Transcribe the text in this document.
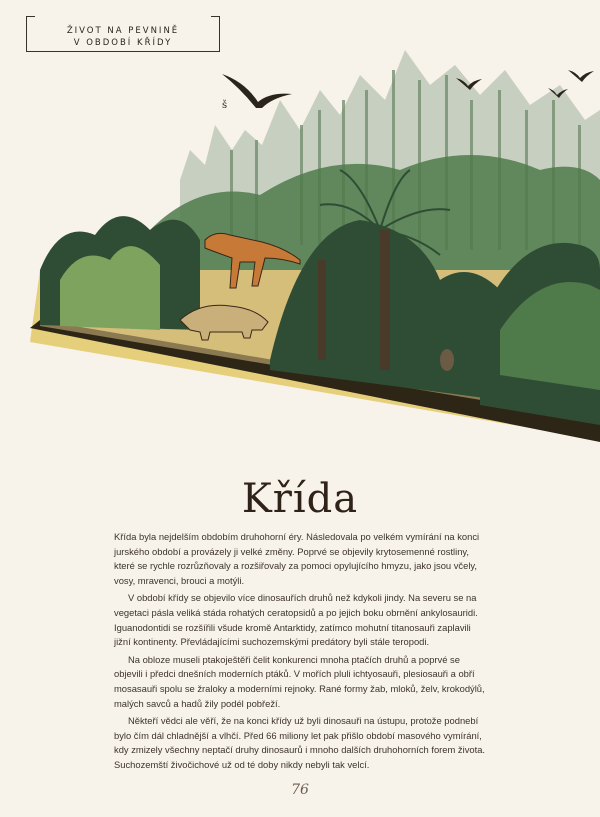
ŽIVOT NA PEVNINĚ
V OBDOBÍ KŘÍDY
š
Křída

Křída byla nejdelším obdobím druhohorní éry. Následovala po velkém vymírání na konci jurského období a provázely ji velké změny. Poprvé se objevily krytosemenné rostliny, které se rychle rozrůzňovaly a rozšiřovaly za pomoci opylujícího hmyzu, jako jsou včely, vosy, mravenci, brouci a motýli.

V období křídy se objevilo více dinosauřích druhů než kdykoli jindy. Na severu se na vegetaci pásla veliká stáda rohatých ceratopsidů a po jejich boku obrnění ankylosauridi. Iguanodontidi se rozšířili všude kromě Antarktidy, zatímco mohutní titanosauři zaplavili jižní kontinenty. Převládajícími suchozemskými predátory byli stále teropodi.

Na obloze museli ptakoještěři čelit konkurenci mnoha ptačích druhů a poprvé se objevili i předci dnešních moderních ptáků. V mořích pluli ichtyosauři, plesiosauři a obří mosasauři spolu se žraloky a moderními rejnoky. Rané formy žab, mloků, želv, krokodýlů, malých savců a hadů žily podél pobřeží.

Někteří vědci ale věří, že na konci křídy už byli dinosauři na ústupu, protože podnebí bylo čím dál chladnější a vlhčí. Před 66 miliony let pak přišlo období masového vymírání, kdy zmizely všechny neptačí druhy dinosaurů i mnoho dalších druhohorních forem života. Suchozemští živočichové už od té doby nikdy nebyli tak velcí.

76
